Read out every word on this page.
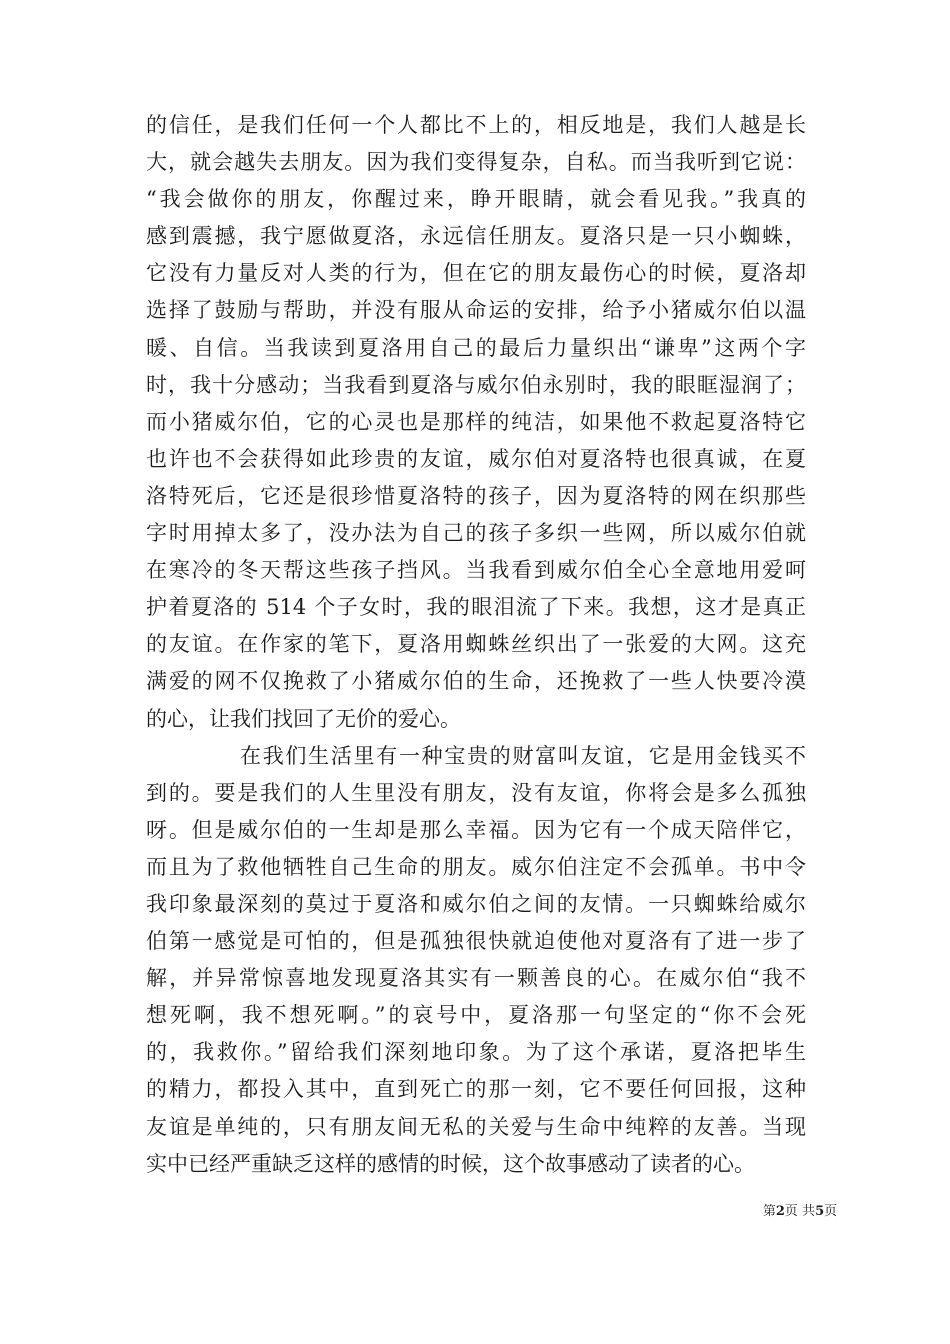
的信任，是我们任何一个人都比不上的，相反地是，我们人越是长
大，就会越失去朋友。因为我们变得复杂，自私。而当我听到它说：
“我会做你的朋友，你醒过来，睁开眼睛，就会看见我。”我真的
感到震撼，我宁愿做夏洛，永远信任朋友。夏洛只是一只小蜘蛛，
它没有力量反对人类的行为，但在它的朋友最伤心的时候，夏洛却
选择了鼓励与帮助，并没有服从命运的安排，给予小猪威尔伯以温
暖、自信。当我读到夏洛用自己的最后力量织出“谦卑”这两个字
时，我十分感动；当我看到夏洛与威尔伯永别时，我的眼眶湿润了；
而小猪威尔伯，它的心灵也是那样的纯洁，如果他不救起夏洛特它
也许也不会获得如此珍贵的友谊，威尔伯对夏洛特也很真诚，在夏
洛特死后，它还是很珍惜夏洛特的孩子，因为夏洛特的网在织那些
字时用掉太多了，没办法为自己的孩子多织一些网，所以威尔伯就
在寒冷的冬天帮这些孩子挡风。当我看到威尔伯全心全意地用爱呵
护着夏洛的 514 个子女时，我的眼泪流了下来。我想，这才是真正
的友谊。在作家的笔下，夏洛用蜘蛛丝织出了一张爱的大网。这充
满爱的网不仅挽救了小猪威尔伯的生命，还挽救了一些人快要冷漠
的心，让我们找回了无价的爱心。
在我们生活里有一种宝贵的财富叫友谊，它是用金钱买不
到的。要是我们的人生里没有朋友，没有友谊，你将会是多么孤独
呀。但是威尔伯的一生却是那么幸福。因为它有一个成天陪伴它，
而且为了救他牺牲自己生命的朋友。威尔伯注定不会孤单。书中令
我印象最深刻的莫过于夏洛和威尔伯之间的友情。一只蜘蛛给威尔
伯第一感觉是可怕的，但是孤独很快就迫使他对夏洛有了进一步了
解，并异常惊喜地发现夏洛其实有一颗善良的心。在威尔伯“我不
想死啊，我不想死啊。”的哀号中，夏洛那一句坚定的“你不会死
的，我救你。”留给我们深刻地印象。为了这个承诺，夏洛把毕生
的精力，都投入其中，直到死亡的那一刻，它不要任何回报，这种
友谊是单纯的，只有朋友间无私的关爱与生命中纯粹的友善。当现
实中已经严重缺乏这样的感情的时候，这个故事感动了读者的心。
第2页 共5页
